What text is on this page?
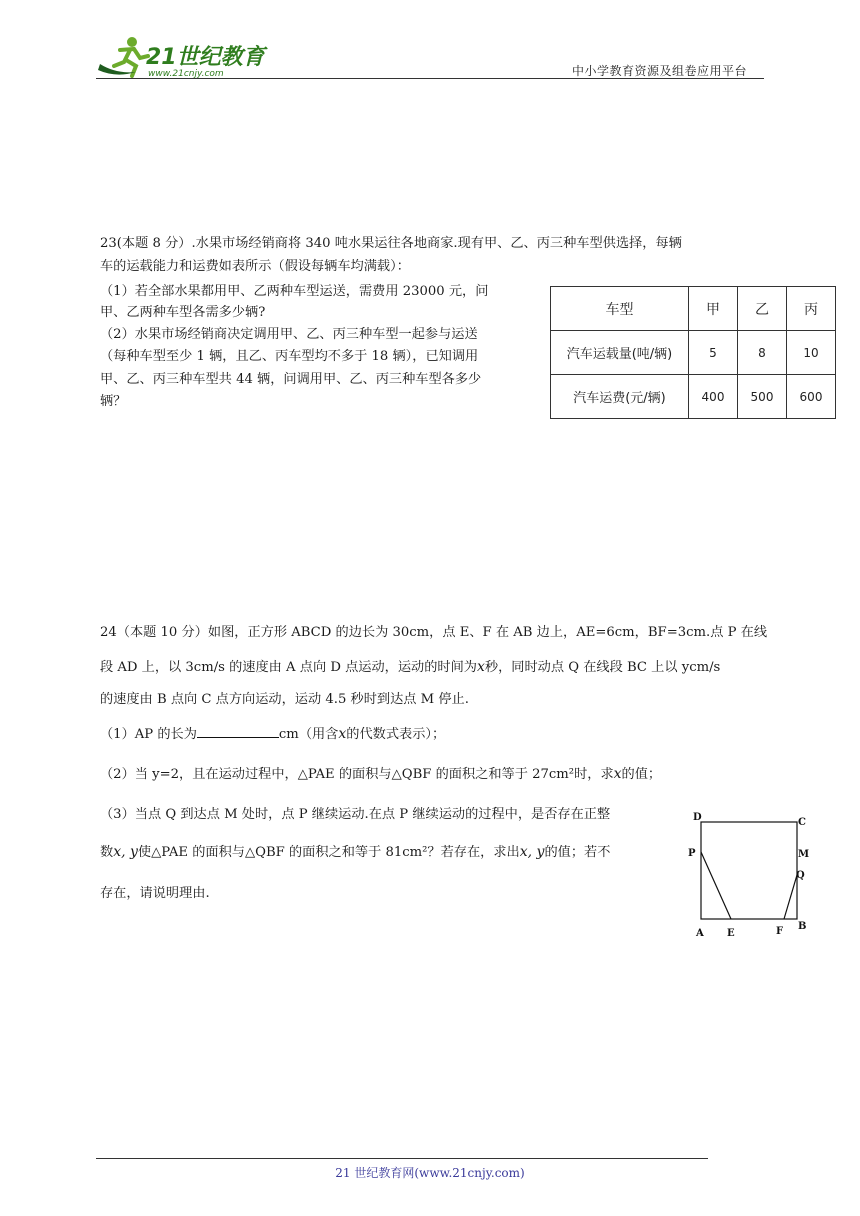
21世纪教育
www.21cnjy.com	中小学教育资源及组卷应用平台
23(本题 8 分）.水果市场经销商将 340 吨水果运往各地商家.现有甲、乙、丙三种车型供选择，每辆
车的运载能力和运费如表所示（假设每辆车均满载）：
（1）若全部水果都用甲、乙两种车型运送，需费用 23000 元，问
甲、乙两种车型各需多少辆?
（2）水果市场经销商决定调用甲、乙、丙三种车型一起参与运送
（每种车型至少 1 辆，且乙、丙车型均不多于 18 辆），已知调用
甲、乙、丙三种车型共 44 辆，问调用甲、乙、丙三种车型各多少
辆？
车型	甲	乙	丙
汽车运载量(吨/辆)	5	8	10
汽车运费(元/辆)	400	500	600
24（本题 10 分）如图，正方形 ABCD 的边长为 30cm，点 E、F 在 AB 边上，AE=6cm，BF=3cm.点 P 在线
段 AD 上，以 3cm/s 的速度由 A 点向 D 点运动，运动的时间为x秒，同时动点 Q 在线段 BC 上以 ycm/s
的速度由 B 点向 C 点方向运动，运动 4.5 秒时到达点 M 停止.
（1）AP 的长为	cm（用含x的代数式表示）；
（2）当 y=2，且在运动过程中，△PAE 的面积与△QBF 的面积之和等于 27cm²时，求x的值；
（3）当点 Q 到达点 M 处时，点 P 继续运动.在点 P 继续运动的过程中，是否存在正整
数x, y使△PAE 的面积与△QBF 的面积之和等于 81cm²？若存在，求出x, y的值；若不
存在，请说明理由.
D	C
P	M
Q
A E	F B
21 世纪教育网(www.21cnjy.com)
